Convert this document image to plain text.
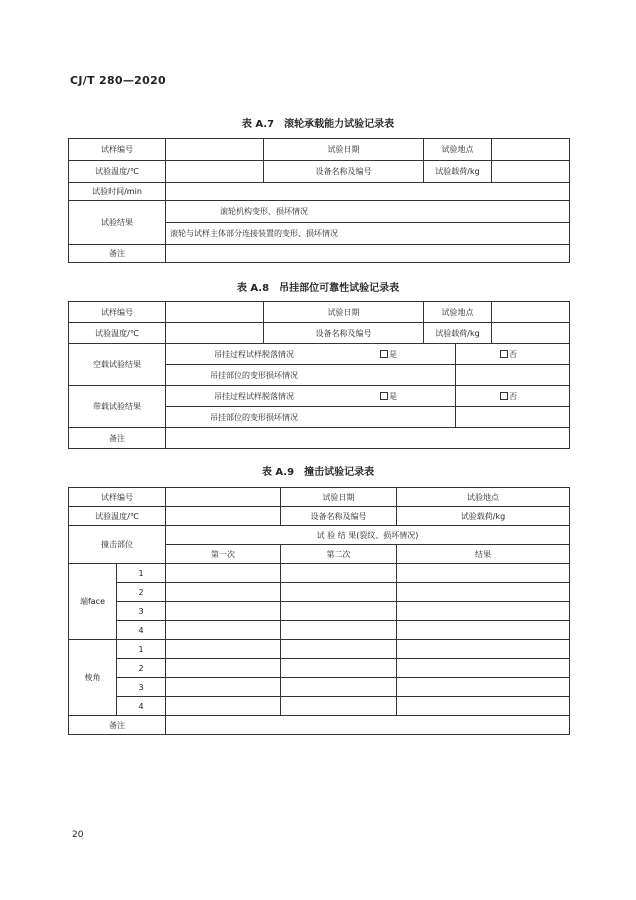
CJ/T 280—2020
表 A.7　滚轮承载能力试验记录表
试样编号		试验日期	试验地点	
试验温度/℃		设备名称及编号	试验载荷/kg	
试验时间/min				
试验结果	滚轮机构变形、损坏情况			
	滚轮与试样主体部分连接装置的变形、损坏情况			
备注				
表 A.8　吊挂部位可靠性试验记录表
试样编号		试验日期	试验地点		
试验温度/℃		设备名称及编号	试验载荷/kg		
空载试验结果	吊挂过程试样脱落情况 是			否	
	吊挂部位的变形损坏情况				
带载试验结果	吊挂过程试样脱落情况 是			否	
	吊挂部位的变形损坏情况				
备注					
表 A.9　撞击试验记录表
试样编号			试验日期	试验地点
试验温度/℃			设备名称及编号	试验载荷/kg
撞击部位		试 验 结 果(裂纹、损坏情况)		
		第一次	第二次	结果
端face	1			
	2			
	3			
	4			
棱角	1			
	2			
	3			
	4			
备注				
20
